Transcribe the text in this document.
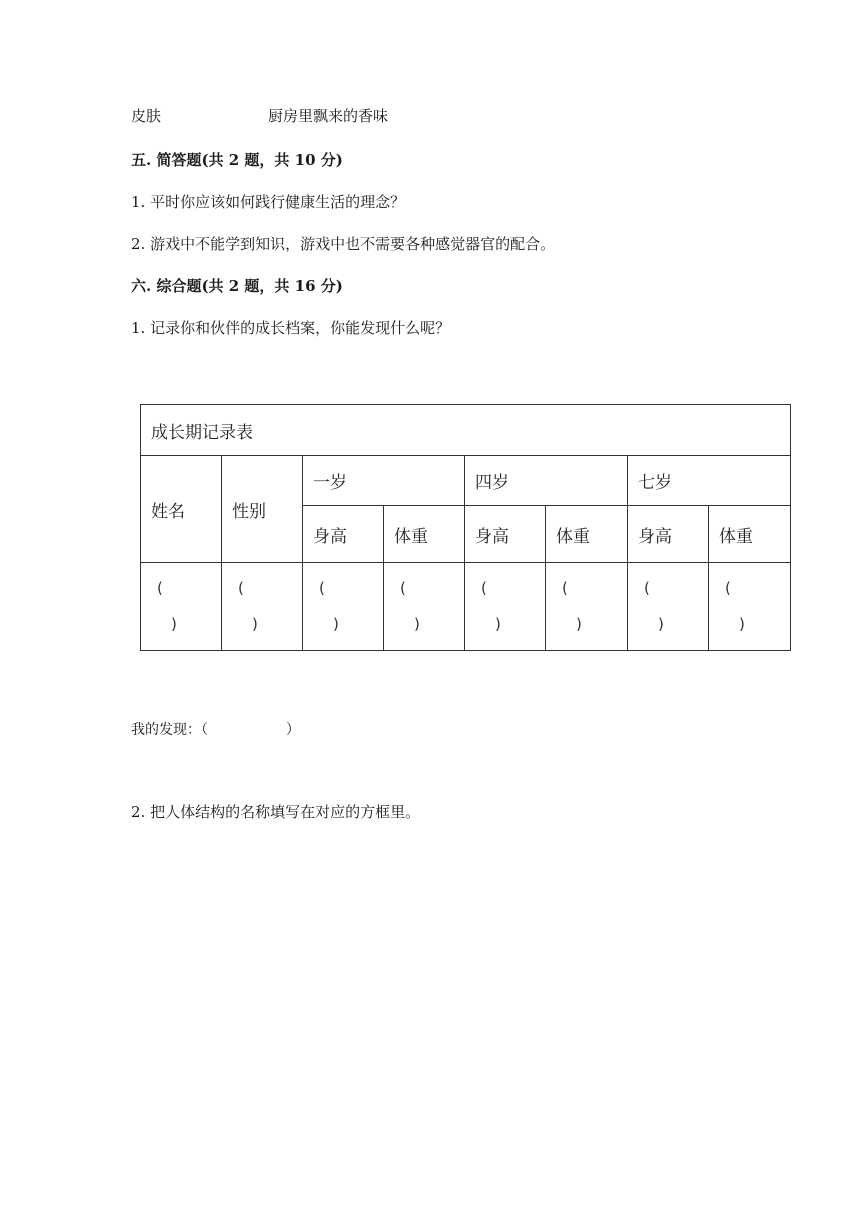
皮肤	厨房里飘来的香味
五. 简答题(共 2 题，共 10 分)
1. 平时你应该如何践行健康生活的理念？
2. 游戏中不能学到知识，游戏中也不需要各种感觉器官的配合。
六. 综合题(共 2 题，共 16 分)
1. 记录你和伙伴的成长档案，你能发现什么呢？
成长期记录表							
姓名	性别	一岁		四岁		七岁	
		身高	体重	身高	体重	身高	体重

(
)	(
)	(
)	(
)	(
)	(
)	(
)	(
)
我的发现：（	）
2. 把人体结构的名称填写在对应的方框里。
